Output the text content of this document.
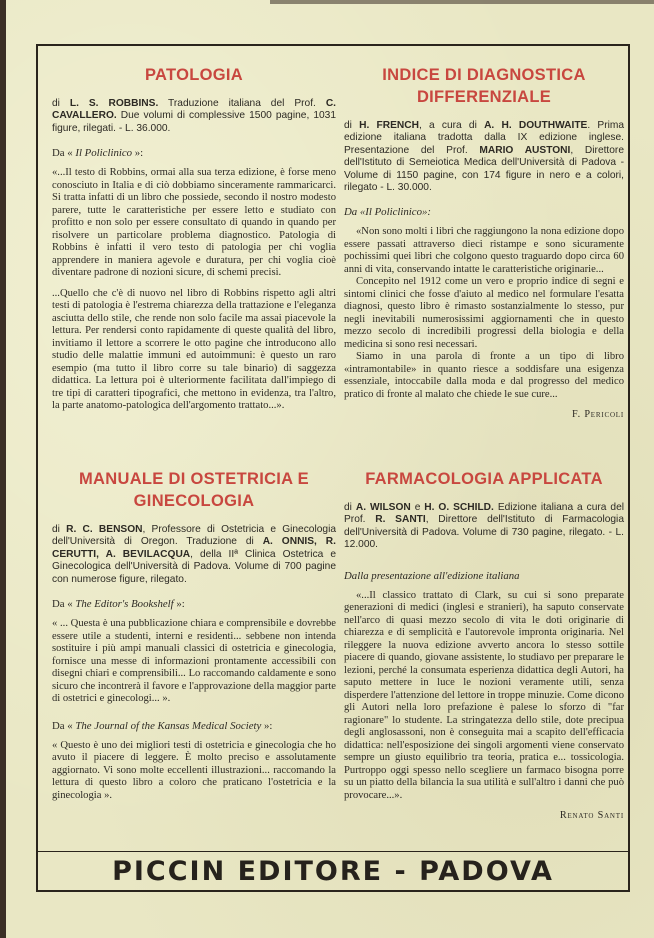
PATOLOGIA

di L. S. ROBBINS. Traduzione italiana del Prof. C. CAVALLERO. Due volumi di complessive 1500 pagine, 1031 figure, rilegati. - L. 36.000.

Da « Il Policlinico »:

«...Il testo di Robbins, ormai alla sua terza edizione, è forse meno conosciuto in Italia e di ciò dobbiamo sinceramente rammaricarci. Si tratta infatti di un libro che possiede, secondo il nostro modesto parere, tutte le caratteristiche per essere letto e studiato con profitto e non solo per essere consultato di quando in quando per risolvere un particolare problema diagnostico. Patologia di Robbins è infatti il vero testo di patologia per chi voglia apprendere in maniera agevole e duratura, per chi voglia cioè diventare padrone di nozioni sicure, di schemi precisi.

...Quello che c'è di nuovo nel libro di Robbins rispetto agli altri testi di patologia è l'estrema chiarezza della trattazione e l'eleganza asciutta dello stile, che rende non solo facile ma assai piacevole la lettura. Per rendersi conto rapidamente di queste qualità del libro, invitiamo il lettore a scorrere le otto pagine che introducono allo studio delle malattie immuni ed autoimmuni: è questo un raro esempio (ma tutto il libro corre su tale binario) di saggezza didattica. La lettura poi è ulteriormente facilitata dall'impiego di tre tipi di caratteri tipografici, che mettono in evidenza, tra l'altro, la parte anatomo-patologica dell'argomento trattato...».

INDICE DI DIAGNOSTICA DIFFERENZIALE

di H. FRENCH, a cura di A. H. DOUTHWAITE. Prima edizione italiana tradotta dalla IX edizione inglese. Presentazione del Prof. MARIO AUSTONI, Direttore dell'Istituto di Semeiotica Medica dell'Università di Padova - Volume di 1150 pagine, con 174 figure in nero e a colori, rilegato - L. 30.000.

Da «Il Policlinico»:

«Non sono molti i libri che raggiungono la nona edizione dopo essere passati attraverso dieci ristampe e sono sicuramente pochissimi quei libri che colgono questo traguardo dopo circa 60 anni di vita, conservando intatte le caratteristiche originarie...

Concepito nel 1912 come un vero e proprio indice di segni e sintomi clinici che fosse d'aiuto al medico nel formulare l'esatta diagnosi, questo libro è rimasto sostanzialmente lo stesso, pur negli inevitabili numerosissimi aggiornamenti che in questo mezzo secolo di incredibili progressi della biologia e della medicina si sono resi necessari.

Siamo in una parola di fronte a un tipo di libro «intramontabile» in quanto riesce a soddisfare una esigenza essenziale, intoccabile dalla moda e dal progresso del medico pratico di fronte al malato che chiede le sue cure...

F. Pericoli
MANUALE DI OSTETRICIA E GINECOLOGIA

di R. C. BENSON, Professore di Ostetricia e Ginecologia dell'Università di Oregon. Traduzione di A. ONNIS, R. CERUTTI, A. BEVILACQUA, della IIª Clinica Ostetrica e Ginecologica dell'Università di Padova. Volume di 700 pagine con numerose figure, rilegato.

Da « The Editor's Bookshelf »:

« ... Questa è una pubblicazione chiara e comprensibile e dovrebbe essere utile a studenti, interni e residenti... sebbene non intenda sostituire i più ampi manuali classici di ostetricia e ginecologia, fornisce una messe di informazioni prontamente accessibili con disegni chiari e comprensibili... Lo raccomando caldamente e sono sicuro che incontrerà il favore e l'approvazione della maggior parte di ostetrici e ginecologi... ».

Da « The Journal of the Kansas Medical Society »:

« Questo è uno dei migliori testi di ostetricia e ginecologia che ho avuto il piacere di leggere. È molto preciso e assolutamente aggiornato. Vi sono molte eccellenti illustrazioni... raccomando la lettura di questo libro a coloro che praticano l'ostetricia e la ginecologia ».

FARMACOLOGIA APPLICATA

di A. WILSON e H. O. SCHILD. Edizione italiana a cura del Prof. R. SANTI, Direttore dell'Istituto di Farmacologia dell'Università di Padova. Volume di 730 pagine, rilegato. - L. 12.000.

Dalla presentazione all'edizione italiana

«...Il classico trattato di Clark, su cui si sono preparate generazioni di medici (inglesi e stranieri), ha saputo conservate nell'arco di quasi mezzo secolo di vita le doti originarie di chiarezza e di semplicità e l'autorevole impronta originaria. Nel rileggere la nuova edizione avverto ancora lo stesso sottile piacere di quando, giovane assistente, lo studiavo per preparare le lezioni, perché la consumata esperienza didattica degli Autori, ha saputo mettere in luce le nozioni veramente utili, senza disperdere l'attenzione del lettore in troppe minuzie. Come dicono gli Autori nella loro prefazione è palese lo sforzo di "far ragionare" lo studente. La stringatezza dello stile, dote precipua degli anglosassoni, non è conseguita mai a scapito dell'efficacia didattica: nell'esposizione dei singoli argomenti viene conservato sempre un giusto equilibrio tra teoria, pratica e... tossicologia. Purtroppo oggi spesso nello scegliere un farmaco bisogna porre su un piatto della bilancia la sua utilità e sull'altro i danni che può provocare...».

Renato Santi
PICCIN EDITORE - PADOVA
